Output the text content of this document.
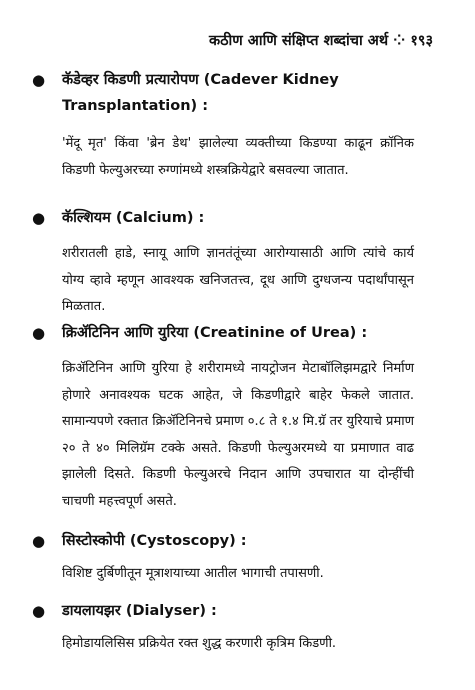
कठीण आणि संक्षिप्त शब्दांचा अर्थ ⁘ १९३
● कॅडेव्हर किडणी प्रत्यारोपण (Cadever Kidney Transplantation) :
'मेंदू मृत' किंवा 'ब्रेन डेथ' झालेल्या व्यक्तीच्या किडण्या काढून क्रॉनिक किडणी फेल्युअरच्या रुग्णांमध्ये शस्त्रक्रियेद्वारे बसवल्या जातात.
● कॅल्शियम (Calcium) :
शरीरातली हाडे, स्नायू आणि ज्ञानतंतूंच्या आरोग्यासाठी आणि त्यांचे कार्य योग्य व्हावे म्हणून आवश्यक खनिजतत्त्व, दूध आणि दुग्धजन्य पदार्थांपासून मिळतात.
● क्रिॲटिनिन आणि युरिया (Creatinine of Urea) :
क्रिॲटिनिन आणि युरिया हे शरीरामध्ये नायट्रोजन मेटाबॉलिझमद्वारे निर्माण होणारे अनावश्यक घटक आहेत, जे किडणीद्वारे बाहेर फेकले जातात. सामान्यपणे रक्तात क्रिॲटिनिनचे प्रमाण ०.८ ते १.४ मि.ग्रॅ तर युरियाचे प्रमाण २० ते ४० मिलिग्रॅम टक्के असते. किडणी फेल्युअरमध्ये या प्रमाणात वाढ झालेली दिसते. किडणी फेल्युअरचे निदान आणि उपचारात या दोन्हींची चाचणी महत्त्वपूर्ण असते.
● सिस्टोस्कोपी (Cystoscopy) :
विशिष्ट दुर्बिणीतून मूत्राशयाच्या आतील भागाची तपासणी.
● डायलायझर (Dialyser) :
हिमोडायलिसिस प्रक्रियेत रक्त शुद्ध करणारी कृत्रिम किडणी.
